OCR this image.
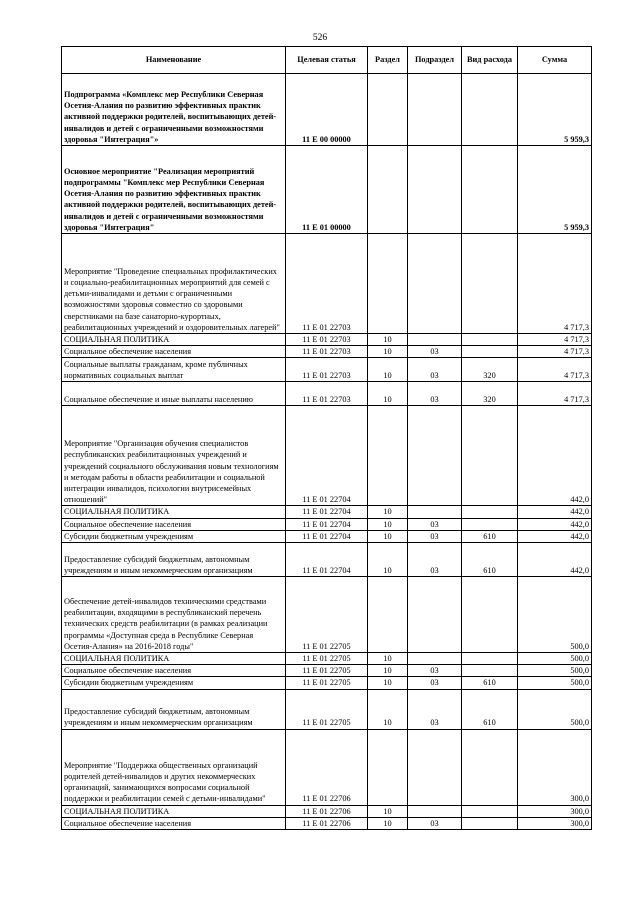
526
Наименование	Целевая статья	Раздел	Подраздел	Вид расхода	Сумма
Подпрограмма «Комплекс мер Республики Северная Осетия-Алания по развитию эффективных практик активной поддержки родителей, воспитывающих детей-инвалидов и детей с ограниченными возможностями здоровья "Интеграция"»	11 Е 00 00000				5 959,3
Основное мероприятие "Реализация мероприятий подпрограммы "Комплекс мер Республики Северная Осетия-Алания по развитию эффективных практик активной поддержки родителей, воспитывающих детей-инвалидов и детей с ограниченными возможностями здоровья "Интеграция"	11 Е 01 00000				5 959,3
Мероприятие "Проведение специальных профилактических и социально-реабилитационных мероприятий для семей с детьми-инвалидами и детьми с ограниченными возможностями здоровья совместно со здоровыми сверстниками на базе санаторно-курортных, реабилитационных учреждений и оздоровительных лагерей"	11 Е 01 22703				4 717,3
СОЦИАЛЬНАЯ ПОЛИТИКА	11 Е 01 22703	10			4 717,3
Социальное обеспечение населения	11 Е 01 22703	10	03		4 717,3
Социальные выплаты гражданам, кроме публичных нормативных социальных выплат	11 Е 01 22703	10	03	320	4 717,3
Социальное обеспечение и иные выплаты населению	11 Е 01 22703	10	03	320	4 717,3
Мероприятие "Организация обучения специалистов республиканских реабилитационных учреждений и учреждений социального обслуживания новым технологиям и методам работы в области реабилитации и социальной интеграции инвалидов, психологии внутрисемейных отношений"	11 Е 01 22704				442,0
СОЦИАЛЬНАЯ ПОЛИТИКА	11 Е 01 22704	10			442,0
Социальное обеспечение населения	11 Е 01 22704	10	03		442,0
Субсидии бюджетным учреждениям	11 Е 01 22704	10	03	610	442,0
Предоставление субсидий бюджетным, автономным учреждениям и иным некоммерческим организациям	11 Е 01 22704	10	03	610	442,0
Обеспечение детей-инвалидов техническими средствами реабилитации, входящими в республиканский перечень технических средств реабилитации (в рамках реализации программы «Доступная среда в Республике Северная Осетия-Алания» на 2016-2018 годы"	11 Е 01 22705				500,0
СОЦИАЛЬНАЯ ПОЛИТИКА	11 Е 01 22705	10			500,0
Социальное обеспечение населения	11 Е 01 22705	10	03		500,0
Субсидии бюджетным учреждениям	11 Е 01 22705	10	03	610	500,0
Предоставление субсидий бюджетным, автономным учреждениям и иным некоммерческим организациям	11 Е 01 22705	10	03	610	500,0
Мероприятие "Поддержка общественных организаций родителей детей-инвалидов и других некоммерческих организаций, занимающихся вопросами социальной поддержки и реабилитации семей с детьми-инвалидами"	11 Е 01 22706				300,0
СОЦИАЛЬНАЯ ПОЛИТИКА	11 Е 01 22706	10			300,0
Социальное обеспечение населения	11 Е 01 22706	10	03		300,0
